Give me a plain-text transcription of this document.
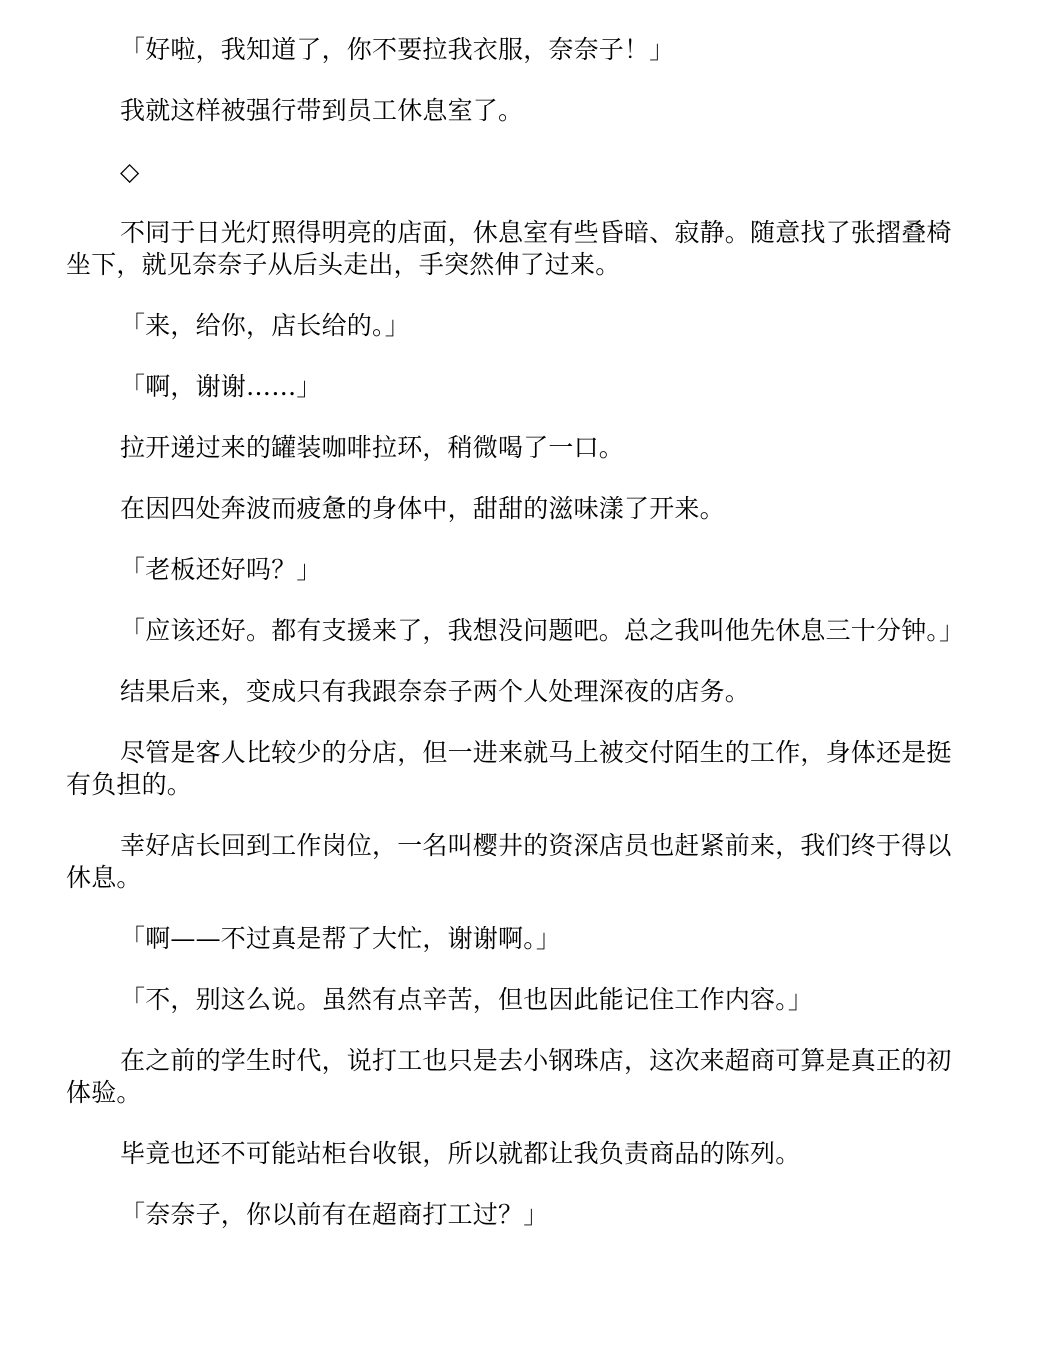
「好啦，我知道了，你不要拉我衣服，奈奈子！」

我就这样被强行带到员工休息室了。

◇

不同于日光灯照得明亮的店面，休息室有些昏暗、寂静。随意找了张摺叠椅坐下，就见奈奈子从后头走出，手突然伸了过来。

「来，给你，店长给的。」

「啊，谢谢……」

拉开递过来的罐装咖啡拉环，稍微喝了一口。

在因四处奔波而疲惫的身体中，甜甜的滋味漾了开来。

「老板还好吗？」

「应该还好。都有支援来了，我想没问题吧。总之我叫他先休息三十分钟。」

结果后来，变成只有我跟奈奈子两个人处理深夜的店务。

尽管是客人比较少的分店，但一进来就马上被交付陌生的工作，身体还是挺有负担的。

幸好店长回到工作岗位，一名叫樱井的资深店员也赶紧前来，我们终于得以休息。

「啊——不过真是帮了大忙，谢谢啊。」

「不，别这么说。虽然有点辛苦，但也因此能记住工作内容。」

在之前的学生时代，说打工也只是去小钢珠店，这次来超商可算是真正的初体验。

毕竟也还不可能站柜台收银，所以就都让我负责商品的陈列。

「奈奈子，你以前有在超商打工过？」
